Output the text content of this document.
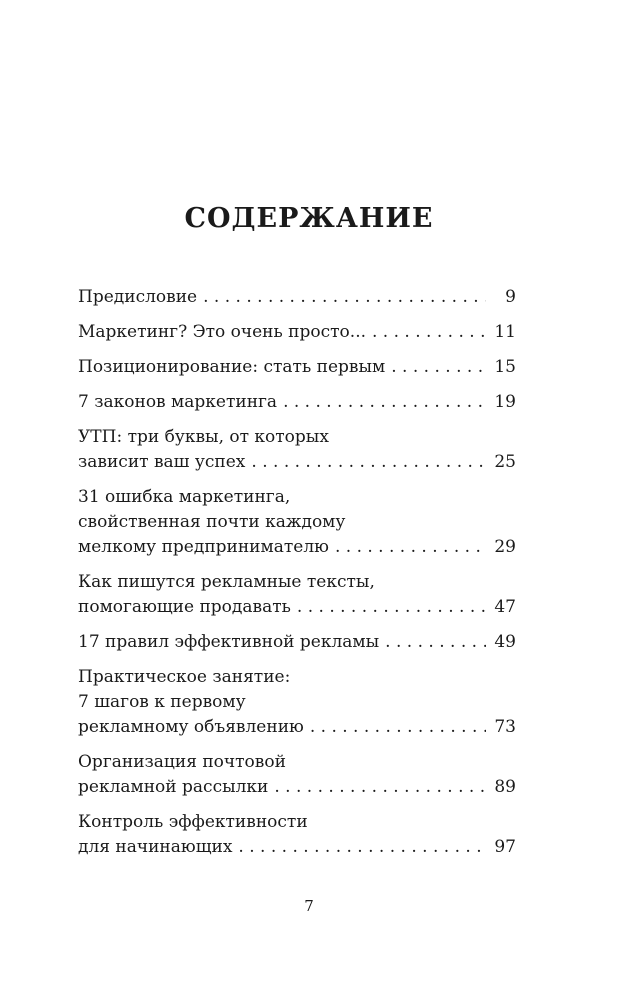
СОДЕРЖАНИЕ
Предисловие . . .	9
Маркетинг? Это очень просто... . . .	11
Позиционирование: стать первым . . .	15
7 законов маркетинга . . .	19
УТП: три буквы, от которых
зависит ваш успех . . .	25
31 ошибка маркетинга,
свойственная почти каждому
мелкому предпринимателю . . .	29
Как пишутся рекламные тексты,
помогающие продавать . . .	47
17 правил эффективной рекламы . . .	49
Практическое занятие:
7 шагов к первому
рекламному объявлению . . .	73
Организация почтовой
рекламной рассылки . . .	89
Контроль эффективности
для начинающих . . .	97
7
